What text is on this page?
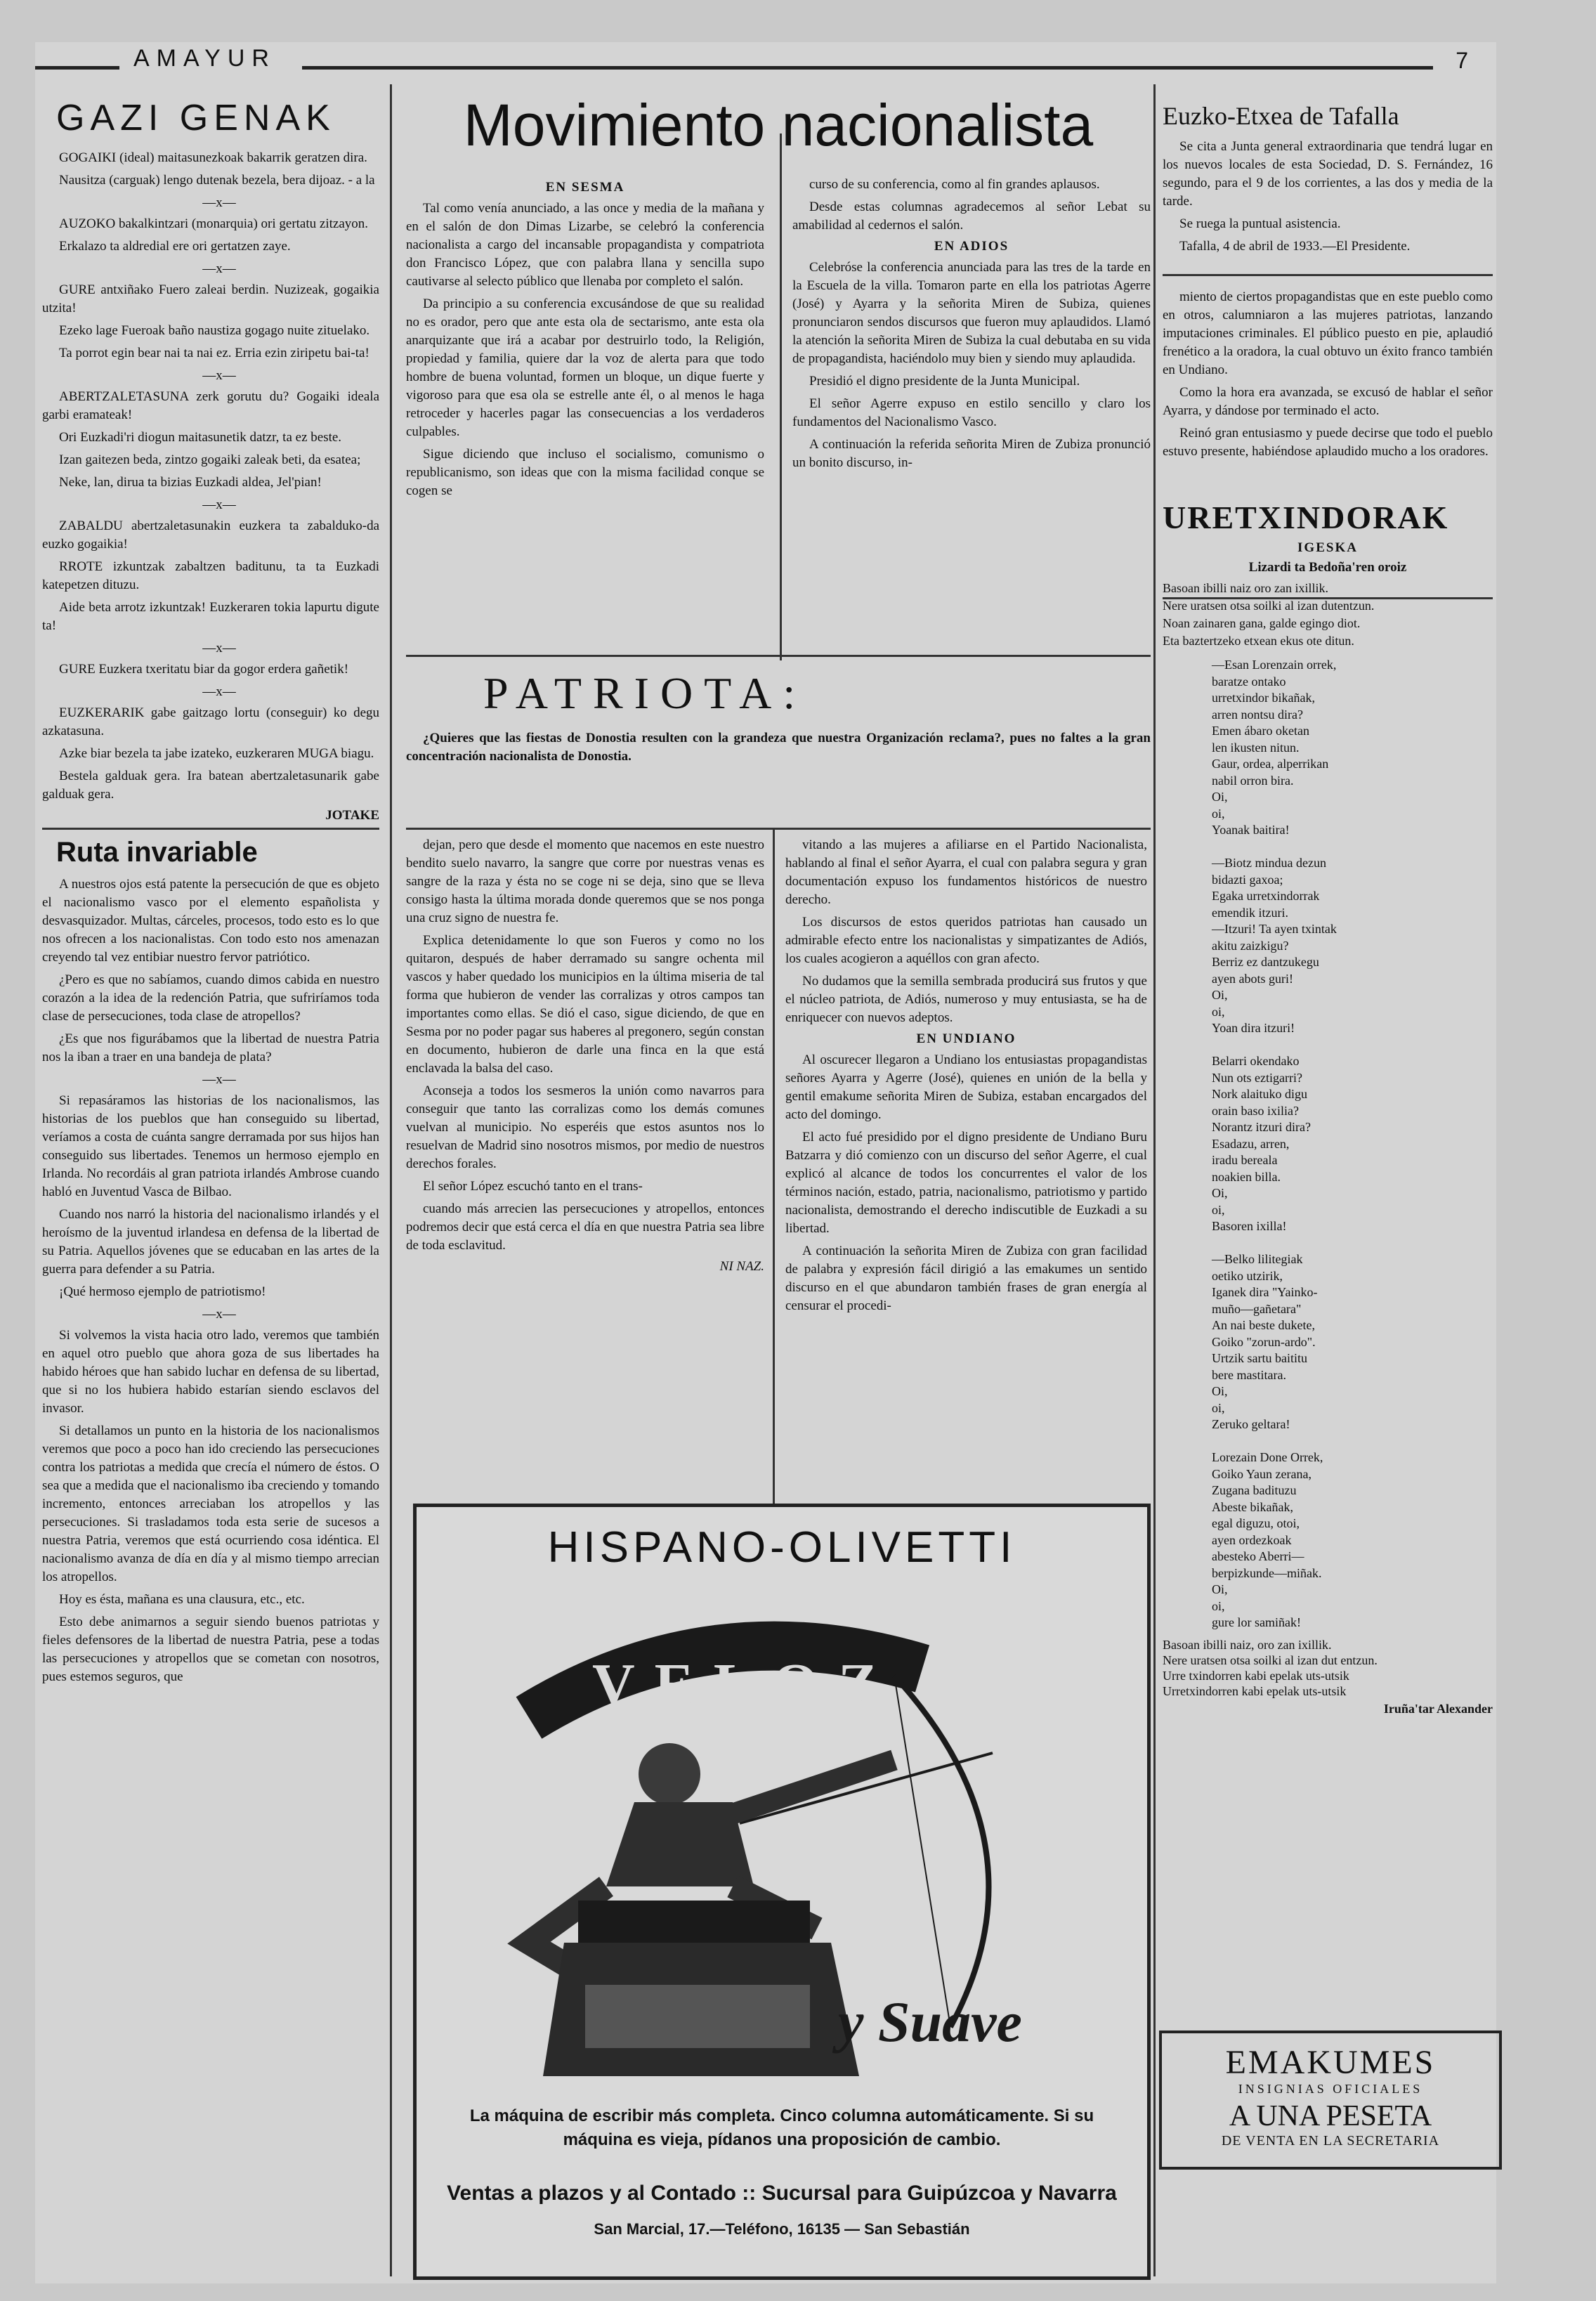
AMAYUR	7
GAZI GENAK

GOGAIKI (ideal) maitasunezkoak bakarrik geratzen dira.

Nausitza (carguak) lengo dutenak bezela, bera dijoaz. - a la

—x—

AUZOKO bakalkintzari (monarquia) ori gertatu zitzayon.

Erkalazo ta aldredial ere ori gertatzen zaye.

—x—

GURE antxiñako Fuero zaleai berdin. Nuzizeak, gogaikia utzita!

Ezeko lage Fueroak baño naustiza gogago nuite zituelako.

Ta porrot egin bear nai ta nai ez. Erria ezin ziripetu bai-ta!

—x—

ABERTZALETASUNA zerk gorutu du? Gogaiki ideala garbi eramateak!

Ori Euzkadi'ri diogun maitasunetik datzr, ta ez beste.

Izan gaitezen beda, zintzo gogaiki zaleak beti, da esatea;

Neke, lan, dirua ta bizias Euzkadi aldea, Jel'pian!

—x—

ZABALDU abertzaletasunakin euzkera ta zabalduko-da euzko gogaikia!

RROTE izkuntzak zabaltzen baditunu, ta ta Euzkadi katepetzen dituzu.

Aide beta arrotz izkuntzak! Euzkeraren tokia lapurtu digute ta!

—x—

GURE Euzkera txeritatu biar da gogor erdera gañetik!

—x—

EUZKERARIK gabe gaitzago lortu (conseguir) ko degu azkatasuna.

Azke biar bezela ta jabe izateko, euzkeraren MUGA biagu.

Bestela galduak gera. Ira batean abertzaletasunarik gabe galduak gera.

JOTAKE
Ruta invariable

A nuestros ojos está patente la persecución de que es objeto el nacionalismo vasco por el elemento españolista y desvasquizador. Multas, cárceles, procesos, todo esto es lo que nos ofrecen a los nacionalistas. Con todo esto nos amenazan creyendo tal vez entibiar nuestro fervor patriótico.

¿Pero es que no sabíamos, cuando dimos cabida en nuestro corazón a la idea de la redención Patria, que sufriríamos toda clase de persecuciones, toda clase de atropellos?

¿Es que nos figurábamos que la libertad de nuestra Patria nos la iban a traer en una bandeja de plata?

—x—

Si repasáramos las historias de los nacionalismos, las historias de los pueblos que han conseguido su libertad, veríamos a costa de cuánta sangre derramada por sus hijos han conseguido sus libertades. Tenemos un hermoso ejemplo en Irlanda. No recordáis al gran patriota irlandés Ambrose cuando habló en Juventud Vasca de Bilbao.

Cuando nos narró la historia del nacionalismo irlandés y el heroísmo de la juventud irlandesa en defensa de la libertad de su Patria. Aquellos jóvenes que se educaban en las artes de la guerra para defender a su Patria.

¡Qué hermoso ejemplo de patriotismo!

—x—

Si volvemos la vista hacia otro lado, veremos que también en aquel otro pueblo que ahora goza de sus libertades ha habido héroes que han sabido luchar en defensa de su libertad, que si no los hubiera habido estarían siendo esclavos del invasor.

Si detallamos un punto en la historia de los nacionalismos veremos que poco a poco han ido creciendo las persecuciones contra los patriotas a medida que crecía el número de éstos. O sea que a medida que el nacionalismo iba creciendo y tomando incremento, entonces arreciaban los atropellos y las persecuciones. Si trasladamos toda esta serie de sucesos a nuestra Patria, veremos que está ocurriendo cosa idéntica. El nacionalismo avanza de día en día y al mismo tiempo arrecian los atropellos.

Hoy es ésta, mañana es una clausura, etc., etc.

Esto debe animarnos a seguir siendo buenos patriotas y fieles defensores de la libertad de nuestra Patria, pese a todas las persecuciones y atropellos que se cometan con nosotros, pues estemos seguros, que

Movimiento nacionalista
EN SESMA

Tal como venía anunciado, a las once y media de la mañana y en el salón de don Dimas Lizarbe, se celebró la conferencia nacionalista a cargo del incansable propagandista y compatriota don Francisco López, que con palabra llana y sencilla supo cautivarse al selecto público que llenaba por completo el salón.

Da principio a su conferencia excusándose de que su realidad no es orador, pero que ante esta ola de sectarismo, ante esta ola anarquizante que irá a acabar por destruirlo todo, la Religión, propiedad y familia, quiere dar la voz de alerta para que todo hombre de buena voluntad, formen un bloque, un dique fuerte y vigoroso para que esa ola se estrelle ante él, o al menos le haga retroceder y hacerles pagar las consecuencias a los verdaderos culpables.

Sigue diciendo que incluso el socialismo, comunismo o republicanismo, son ideas que con la misma facilidad conque se cogen se

curso de su conferencia, como al fin grandes aplausos.

Desde estas columnas agradecemos al señor Lebat su amabilidad al cedernos el salón.

EN ADIOS

Celebróse la conferencia anunciada para las tres de la tarde en la Escuela de la villa. Tomaron parte en ella los patriotas Agerre (José) y Ayarra y la señorita Miren de Subiza, quienes pronunciaron sendos discursos que fueron muy aplaudidos. Llamó la atención la señorita Miren de Subiza la cual debutaba en su vida de propagandista, haciéndolo muy bien y siendo muy aplaudida.

Presidió el digno presidente de la Junta Municipal.

El señor Agerre expuso en estilo sencillo y claro los fundamentos del Nacionalismo Vasco.

A continuación la referida señorita Miren de Zubiza pronunció un bonito discurso, in-

PATRIOTA:

¿Quieres que las fiestas de Donostia resulten con la grandeza que nuestra Organización reclama?, pues no faltes a la gran concentración nacionalista de Donostia.

dejan, pero que desde el momento que nacemos en este nuestro bendito suelo navarro, la sangre que corre por nuestras venas es sangre de la raza y ésta no se coge ni se deja, sino que se lleva consigo hasta la última morada donde queremos que se nos ponga una cruz signo de nuestra fe.

Explica detenidamente lo que son Fueros y como no los quitaron, después de haber derramado su sangre ochenta mil vascos y haber quedado los municipios en la última miseria de tal forma que hubieron de vender las corralizas y otros campos tan importantes como ellas. Se dió el caso, sigue diciendo, de que en Sesma por no poder pagar sus haberes al pregonero, según constan en documento, hubieron de darle una finca en la que está enclavada la balsa del caso.

Aconseja a todos los sesmeros la unión como navarros para conseguir que tanto las corralizas como los demás comunes vuelvan al municipio. No esperéis que estos asuntos nos lo resuelvan de Madrid sino nosotros mismos, por medio de nuestros derechos forales.

El señor López escuchó tanto en el trans-

cuando más arrecien las persecuciones y atropellos, entonces podremos decir que está cerca el día en que nuestra Patria sea libre de toda esclavitud.

NI NAZ.

vitando a las mujeres a afiliarse en el Partido Nacionalista, hablando al final el señor Ayarra, el cual con palabra segura y gran documentación expuso los fundamentos históricos de nuestro derecho.

Los discursos de estos queridos patriotas han causado un admirable efecto entre los nacionalistas y simpatizantes de Adiós, los cuales acogieron a aquéllos con gran afecto.

No dudamos que la semilla sembrada producirá sus frutos y que el núcleo patriota, de Adiós, numeroso y muy entusiasta, se ha de enriquecer con nuevos adeptos.

EN UNDIANO

Al oscurecer llegaron a Undiano los entusiastas propagandistas señores Ayarra y Agerre (José), quienes en unión de la bella y gentil emakume señorita Miren de Subiza, estaban encargados del acto del domingo.

El acto fué presidido por el digno presidente de Undiano Buru Batzarra y dió comienzo con un discurso del señor Agerre, el cual explicó al alcance de todos los concurrentes el valor de los términos nación, estado, patria, nacionalismo, patriotismo y partido nacionalista, demostrando el derecho indiscutible de Euzkadi a su libertad.

A continuación la señorita Miren de Zubiza con gran facilidad de palabra y expresión fácil dirigió a las emakumes un sentido discurso en el que abundaron también frases de gran energía al censurar el procedi-

HISPANO-OLIVETTI
VELOZ
y Suave
La máquina de escribir más completa. Cinco columna automáticamente. Si su máquina es vieja, pídanos una proposición de cambio.
Ventas a plazos y al Contado :: Sucursal para Guipúzcoa y Navarra
San Marcial, 17.—Teléfono, 16135 — San Sebastián
Euzko-Etxea de Tafalla

Se cita a Junta general extraordinaria que tendrá lugar en los nuevos locales de esta Sociedad, D. S. Fernández, 16 segundo, para el 9 de los corrientes, a las dos y media de la tarde.

Se ruega la puntual asistencia.

Tafalla, 4 de abril de 1933.—El Presidente.

miento de ciertos propagandistas que en este pueblo como en otros, calumniaron a las mujeres patriotas, lanzando imputaciones criminales. El público puesto en pie, aplaudió frenético a la oradora, la cual obtuvo un éxito franco también en Undiano.

Como la hora era avanzada, se excusó de hablar el señor Ayarra, y dándose por terminado el acto.

Reinó gran entusiasmo y puede decirse que todo el pueblo estuvo presente, habiéndose aplaudido mucho a los oradores.

URETXINDORAK
IGESKA
Lizardi ta Bedoña'ren oroiz
Basoan ibilli naiz oro zan ixillik.
Nere uratsen otsa soilki al izan dutentzun.
Noan zainaren gana, galde egingo diot.
Eta baztertzeko etxean ekus ote ditun.
—Esan Lorenzain orrek,
baratze ontako
urretxindor bikañak,
arren nontsu dira?
Emen ábaro oketan
len ikusten nitun.
Gaur, ordea, alperrikan
nabil orron bira.
Oi,
oi,
Yoanak baitira!

—Biotz mindua dezun
bidazti gaxoa;
Egaka urretxindorrak
emendik itzuri.
—Itzuri! Ta ayen txintak
akitu zaizkigu?
Berriz ez dantzukegu
ayen abots guri!
Oi,
oi,
Yoan dira itzuri!

Belarri okendako
Nun ots eztigarri?
Nork alaituko digu
orain baso ixilia?
Norantz itzuri dira?
Esadazu, arren,
iradu bereala
noakien billa.
Oi,
oi,
Basoren ixilla!

—Belko lilitegiak
oetiko utzirik,
Iganek dira "Yainko-
muño—gañetara"
An nai beste dukete,
Goiko "zorun-ardo".
Urtzik sartu baititu
bere mastitara.
Oi,
oi,
Zeruko geltara!

Lorezain Done Orrek,
Goiko Yaun zerana,
Zugana badituzu
Abeste bikañak,
egal diguzu, otoi,
ayen ordezkoak
abesteko Aberri—
berpizkunde—miñak.
Oi,
oi,
gure lor samiñak!
Basoan ibilli naiz, oro zan ixillik.
Nere uratsen otsa soilki al izan dut entzun.
Urre txindorren kabi epelak uts-utsik
Urretxindorren kabi epelak uts-utsik
Iruña'tar Alexander
EMAKUMES
INSIGNIAS OFICIALES
A UNA PESETA
DE VENTA EN LA SECRETARIA
